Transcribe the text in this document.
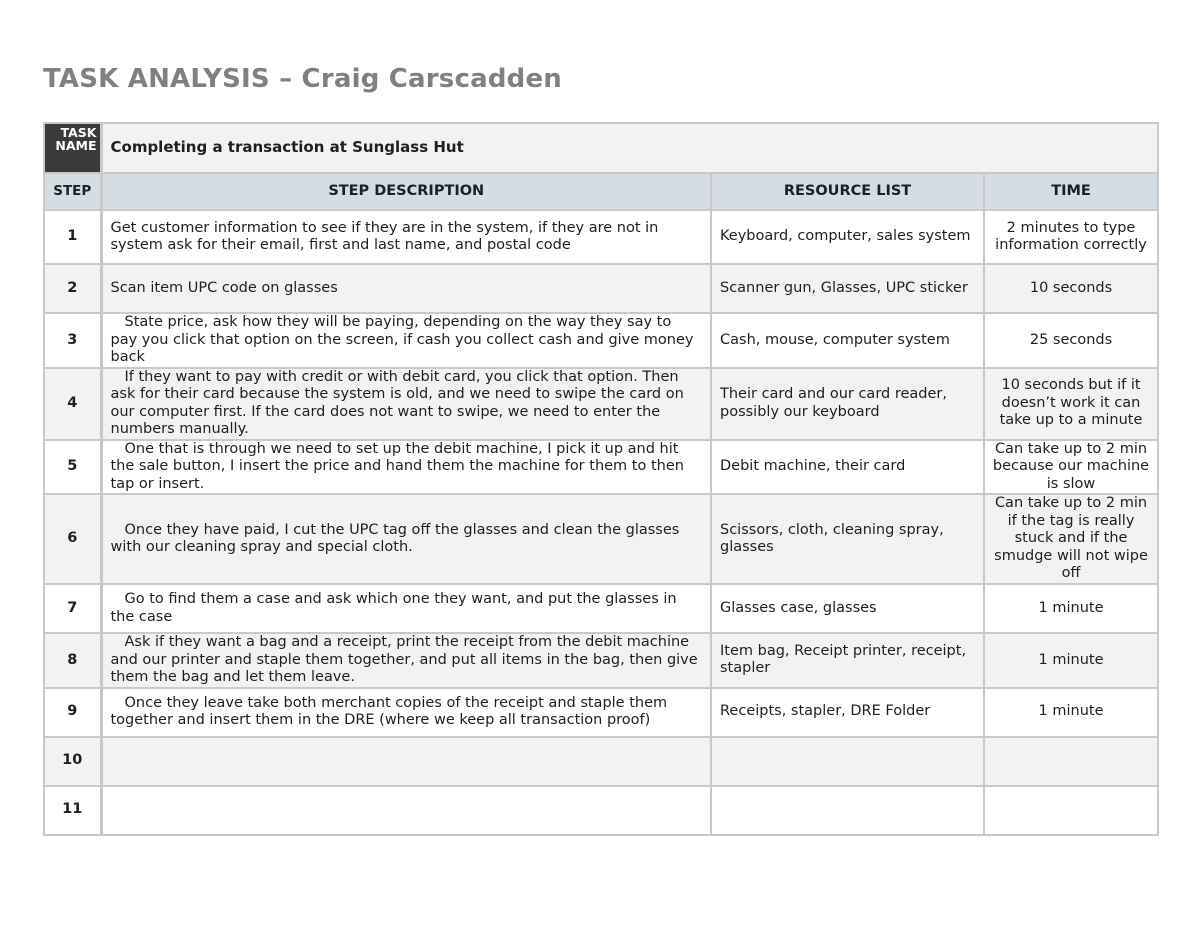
TASK ANALYSIS – Craig Carscadden
TASK NAME	Completing a transaction at Sunglass Hut		
STEP	STEP DESCRIPTION	RESOURCE LIST	TIME
1	Get customer information to see if they are in the system, if they are not in system ask for their email, first and last name, and postal code	Keyboard, computer, sales system	2 minutes to type information correctly
2	Scan item UPC code on glasses	Scanner gun, Glasses, UPC sticker	10 seconds
3	State price, ask how they will be paying, depending on the way they say to pay you click that option on the screen, if cash you collect cash and give money back	Cash, mouse, computer system	25 seconds
4	If they want to pay with credit or with debit card, you click that option. Then ask for their card because the system is old, and we need to swipe the card on our computer first. If the card does not want to swipe, we need to enter the numbers manually.	Their card and our card reader, possibly our keyboard	10 seconds but if it doesn’t work it can take up to a minute
5	One that is through we need to set up the debit machine, I pick it up and hit the sale button, I insert the price and hand them the machine for them to then tap or insert.	Debit machine, their card	Can take up to 2 min because our machine is slow
6	Once they have paid, I cut the UPC tag off the glasses and clean the glasses with our cleaning spray and special cloth.	Scissors, cloth, cleaning spray, glasses	Can take up to 2 min if the tag is really stuck and if the smudge will not wipe off
7	Go to find them a case and ask which one they want, and put the glasses in the case	Glasses case, glasses	1 minute
8	Ask if they want a bag and a receipt, print the receipt from the debit machine and our printer and staple them together, and put all items in the bag, then give them the bag and let them leave.	Item bag, Receipt printer, receipt, stapler	1 minute
9	Once they leave take both merchant copies of the receipt and staple them together and insert them in the DRE (where we keep all transaction proof)	Receipts, stapler, DRE Folder	1 minute
10			
11			
